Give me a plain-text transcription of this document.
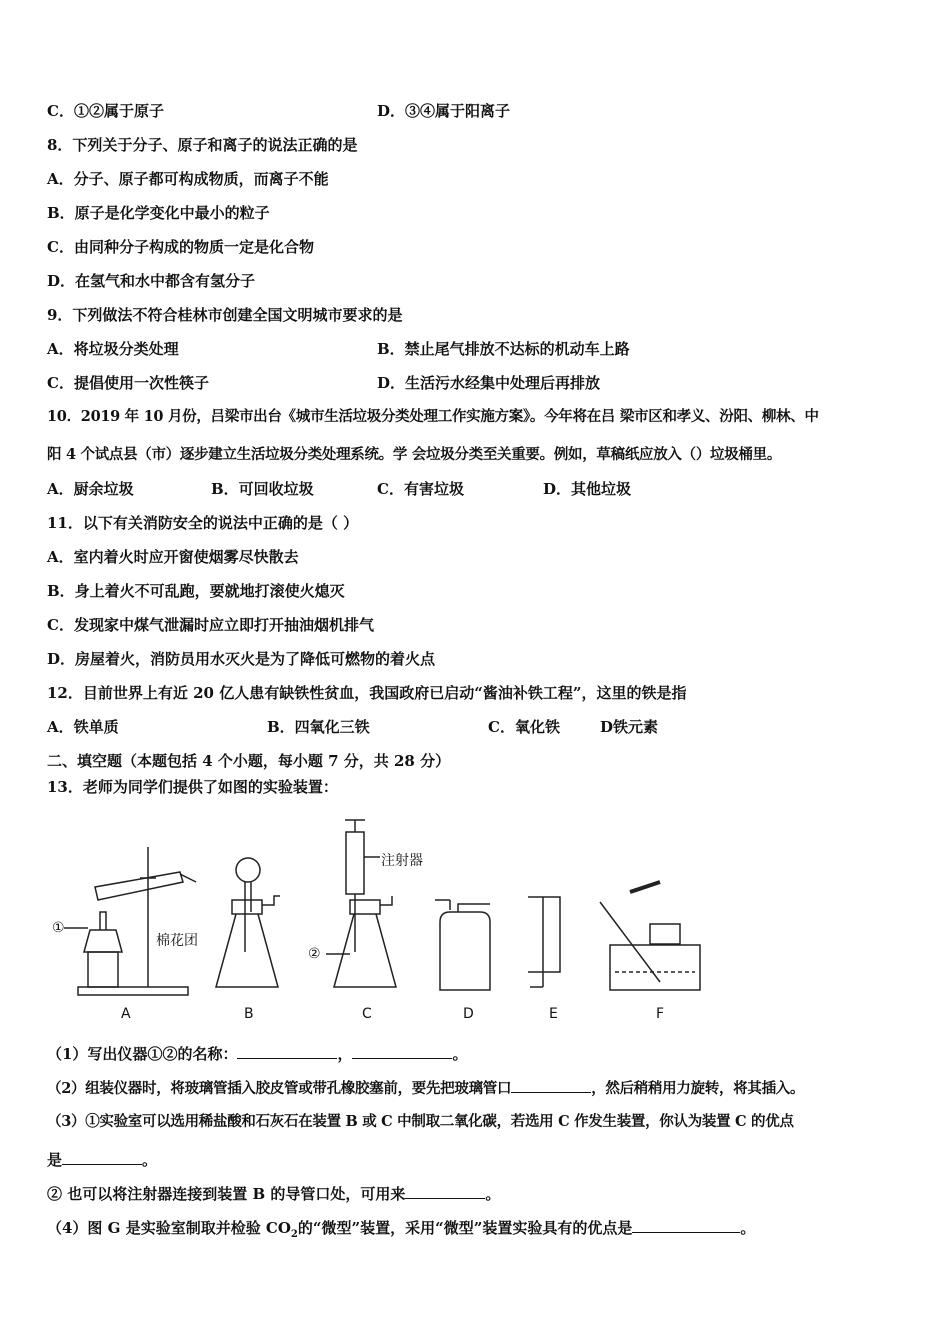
C．①②属于原子	D．③④属于阳离子
8．下列关于分子、原子和离子的说法正确的是
A．分子、原子都可构成物质，而离子不能
B．原子是化学变化中最小的粒子
C．由同种分子构成的物质一定是化合物
D．在氢气和水中都含有氢分子
9．下列做法不符合桂林市创建全国文明城市要求的是
A．将垃圾分类处理	B．禁止尾气排放不达标的机动车上路
C．提倡使用一次性筷子	D．生活污水经集中处理后再排放
10．2019 年 10 月份，吕梁市出台《城市生活垃圾分类处理工作实施方案》。今年将在吕 梁市区和孝义、汾阳、柳林、中
阳 4 个试点县（市）逐步建立生活垃圾分类处理系统。学 会垃圾分类至关重要。例如，草稿纸应放入（）垃圾桶里。
A．厨余垃圾	B．可回收垃圾	C．有害垃圾	D．其他垃圾
11．以下有关消防安全的说法中正确的是（ ）
A．室内着火时应开窗使烟雾尽快散去
B．身上着火不可乱跑，要就地打滚使火熄灭
C．发现家中煤气泄漏时应立即打开抽油烟机排气
D．房屋着火，消防员用水灭火是为了降低可燃物的着火点
12．目前世界上有近 20 亿人患有缺铁性贫血，我国政府已启动“酱油补铁工程”，这里的铁是指
A．铁单质	B．四氧化三铁	C．氧化铁	D铁元素
二、填空题（本题包括 4 个小题，每小题 7 分，共 28 分）
13．老师为同学们提供了如图的实验装置：
①
棉花团
注射器
②
A	B	C	D	E	F
（1）写出仪器①②的名称：	，	。
（2）组装仪器时，将玻璃管插入胶皮管或带孔橡胶塞前，要先把玻璃管口	，然后稍稍用力旋转，将其插入。
（3）①实验室可以选用稀盐酸和石灰石在装置 B 或 C 中制取二氧化碳，若选用 C 作发生装置，你认为装置 C 的优点
是	。
② 也可以将注射器连接到装置 B 的导管口处，可用来	。
（4）图 G 是实验室制取并检验 $CO_2$的“微型”装置，采用“微型”装置实验具有的优点是	。
